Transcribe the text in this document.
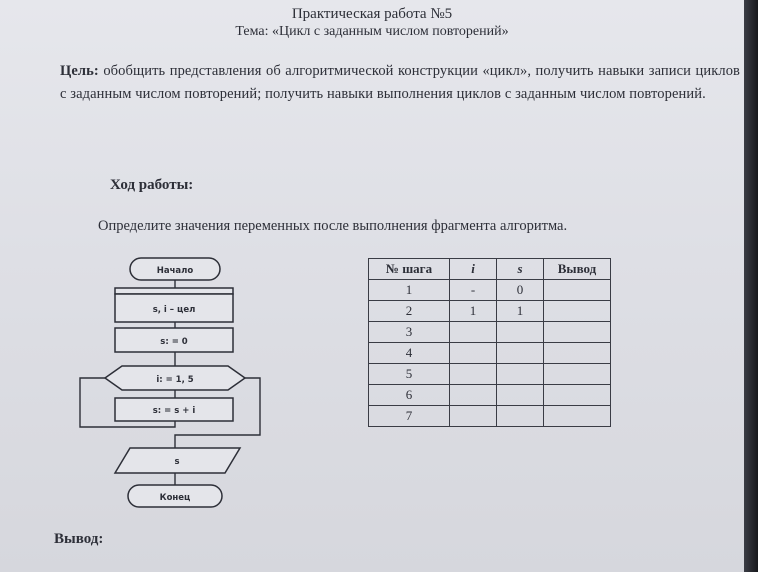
Практическая работа №5
Тема: «Цикл с заданным числом повторений»
Цель: обобщить представления об алгоритмической конструкции «цикл», получить навыки записи циклов с заданным числом повторений; получить навыки выполнения циклов с заданным числом повторений.
Ход работы:
Определите значения переменных после выполнения фрагмента алгоритма.
Начало
s, i – цел
s: = 0
i: = 1, 5
s: = s + i
s
Конец
№ шага	i	s	Вывод
1	-	0	
2	1	1	
3			
4			
5			
6			
7			
Вывод:
